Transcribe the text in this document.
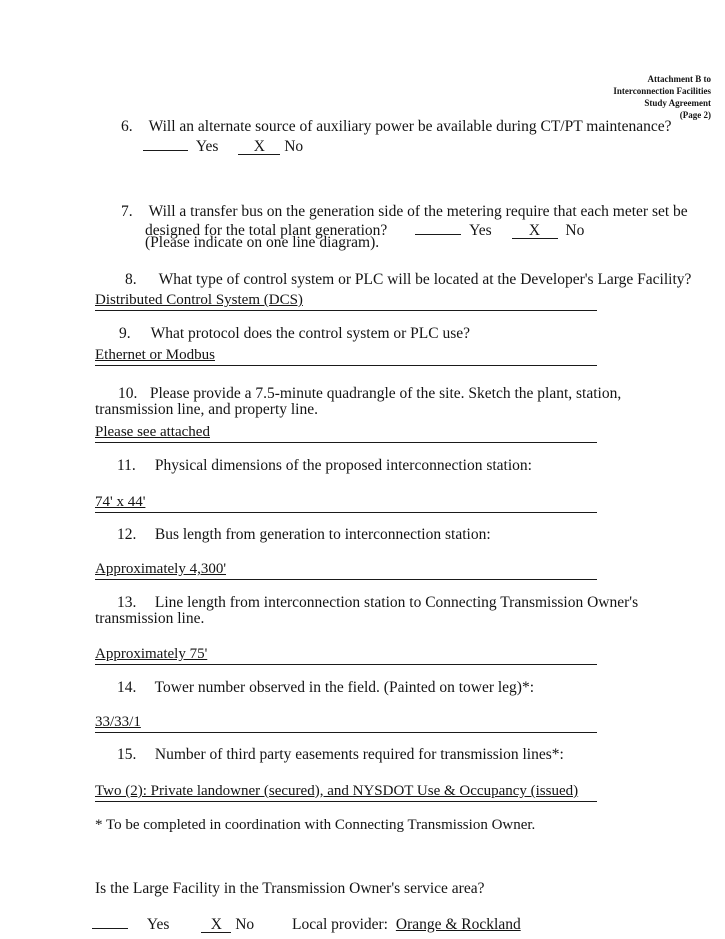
Attachment B to
Interconnection Facilities
Study Agreement
(Page 2)
6. Will an alternate source of auxiliary power be available during CT/PT maintenance?
Yes X No
7. Will a transfer bus on the generation side of the metering require that each meter set be
designed for the total plant generation?	Yes X No
(Please indicate on one line diagram).
8. What type of control system or PLC will be located at the Developer's Large Facility?
Distributed Control System (DCS)
9. What protocol does the control system or PLC use?
Ethernet or Modbus
10. Please provide a 7.5-minute quadrangle of the site. Sketch the plant, station,
transmission line, and property line.
Please see attached
11. Physical dimensions of the proposed interconnection station:
74' x 44'
12. Bus length from generation to interconnection station:
Approximately 4,300'
13. Line length from interconnection station to Connecting Transmission Owner's
transmission line.
Approximately 75'
14. Tower number observed in the field. (Painted on tower leg)*:
33/33/1
15. Number of third party easements required for transmission lines*:
Two (2): Private landowner (secured), and NYSDOT Use & Occupancy (issued)
* To be completed in coordination with Connecting Transmission Owner.
Is the Large Facility in the Transmission Owner's service area?
Yes	X No Local provider: Orange & Rockland
